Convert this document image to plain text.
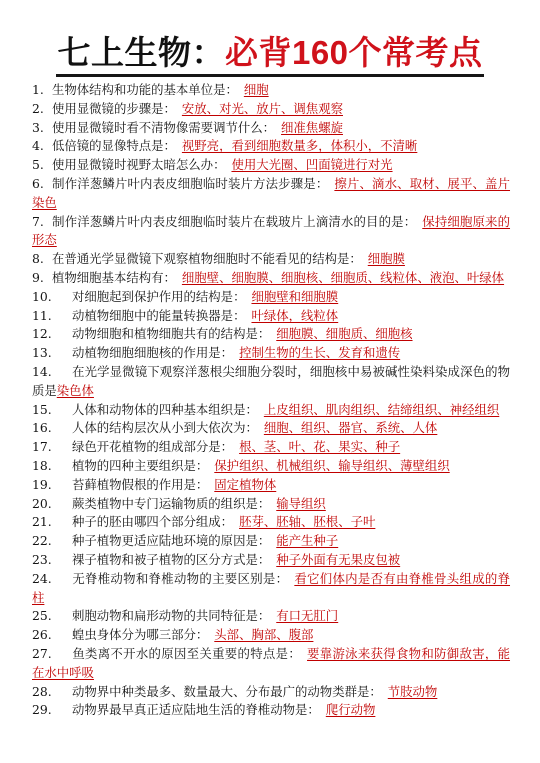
七上生物：必背160个常考点
1. 生物体结构和功能的基本单位是： 细胞
2. 使用显微镜的步骤是： 安放、对光、放片、调焦观察
3. 使用显微镜时看不清物像需要调节什么： 细准焦螺旋
4. 低倍镜的显像特点是： 视野亮，看到细胞数量多，体积小，不清晰
5. 使用显微镜时视野太暗怎么办： 使用大光圈、凹面镜进行对光
6. 制作洋葱鳞片叶内表皮细胞临时装片方法步骤是： 擦片、滴水、取材、展平、盖片染色
7. 制作洋葱鳞片叶内表皮细胞临时装片在载玻片上滴清水的目的是： 保持细胞原来的形态
8. 在普通光学显微镜下观察植物细胞时不能看见的结构是： 细胞膜
9. 植物细胞基本结构有： 细胞壁、细胞膜、细胞核、细胞质、线粒体、液泡、叶绿体
10. 对细胞起到保护作用的结构是： 细胞壁和细胞膜
11. 动植物细胞中的能量转换器是： 叶绿体，线粒体
12. 动物细胞和植物细胞共有的结构是： 细胞膜、细胞质、细胞核
13. 动植物细胞细胞核的作用是： 控制生物的生长、发育和遗传
14. 在光学显微镜下观察洋葱根尖细胞分裂时，细胞核中易被碱性染料染成深色的物质是染色体
15. 人体和动物体的四种基本组织是： 上皮组织、肌肉组织、结缔组织、神经组织
16. 人体的结构层次从小到大依次为： 细胞、组织、器官、系统、人体
17. 绿色开花植物的组成部分是： 根、茎、叶、花、果实、种子
18. 植物的四种主要组织是： 保护组织、机械组织、输导组织、薄壁组织
19. 苔藓植物假根的作用是： 固定植物体
20. 蕨类植物中专门运输物质的组织是： 输导组织
21. 种子的胚由哪四个部分组成： 胚芽、胚轴、胚根、子叶
22. 种子植物更适应陆地环境的原因是： 能产生种子
23. 裸子植物和被子植物的区分方式是： 种子外面有无果皮包被
24. 无脊椎动物和脊椎动物的主要区别是： 看它们体内是否有由脊椎骨头组成的脊柱
25. 刺胞动物和扁形动物的共同特征是： 有口无肛门
26. 蝗虫身体分为哪三部分： 头部、胸部、腹部
27. 鱼类离不开水的原因至关重要的特点是： 要靠游泳来获得食物和防御敌害，能在水中呼吸
28. 动物界中种类最多、数量最大、分布最广的动物类群是： 节肢动物
29. 动物界最早真正适应陆地生活的脊椎动物是： 爬行动物
